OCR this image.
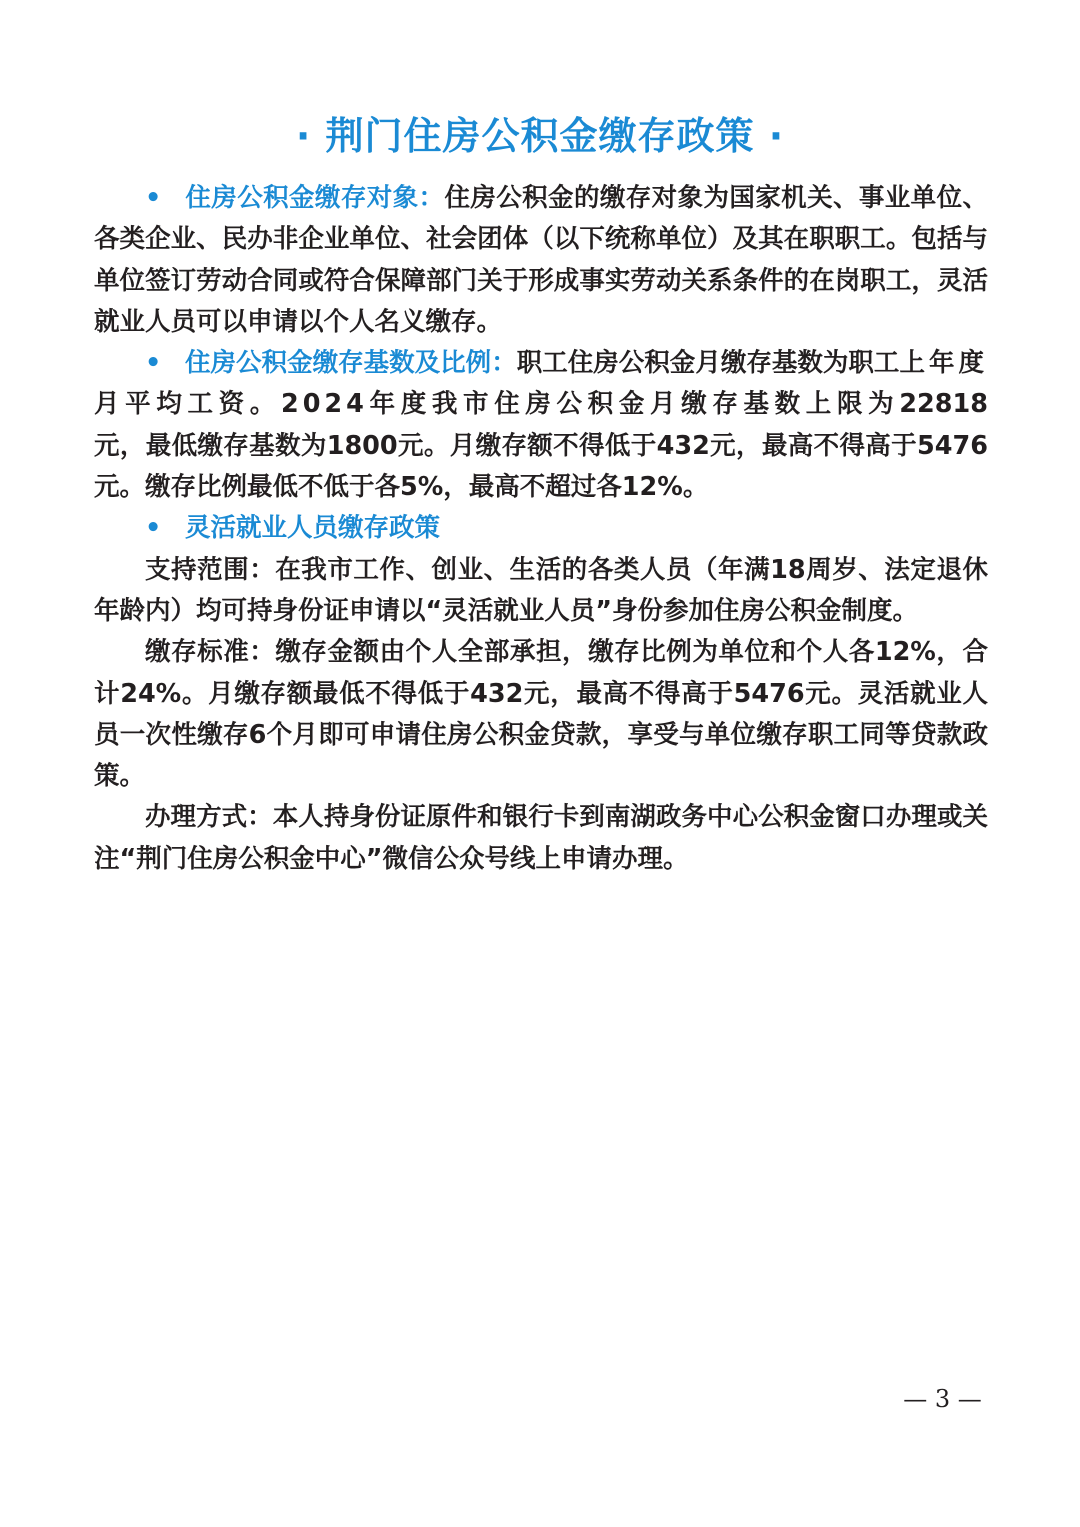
· 荆门住房公积金缴存政策 ·

• 住房公积金缴存对象：住房公积金的缴存对象为国家机关、事业单位、各类企业、民办非企业单位、社会团体（以下统称单位）及其在职职工。包括与单位签订劳动合同或符合保障部门关于形成事实劳动关系条件的在岗职工，灵活就业人员可以申请以个人名义缴存。

• 住房公积金缴存基数及比例：职工住房公积金月缴存基数为职工上年度月平均工资。2024年度我市住房公积金月缴存基数上限为22818元，最低缴存基数为1800元。月缴存额不得低于432元，最高不得高于5476元。缴存比例最低不低于各5%，最高不超过各12%。

• 灵活就业人员缴存政策

支持范围：在我市工作、创业、生活的各类人员（年满18周岁、法定退休年龄内）均可持身份证申请以“灵活就业人员”身份参加住房公积金制度。

缴存标准：缴存金额由个人全部承担，缴存比例为单位和个人各12%，合计24%。月缴存额最低不得低于432元，最高不得高于5476元。灵活就业人员一次性缴存6个月即可申请住房公积金贷款，享受与单位缴存职工同等贷款政策。

办理方式：本人持身份证原件和银行卡到南湖政务中心公积金窗口办理或关注“荆门住房公积金中心”微信公众号线上申请办理。

— 3 —
